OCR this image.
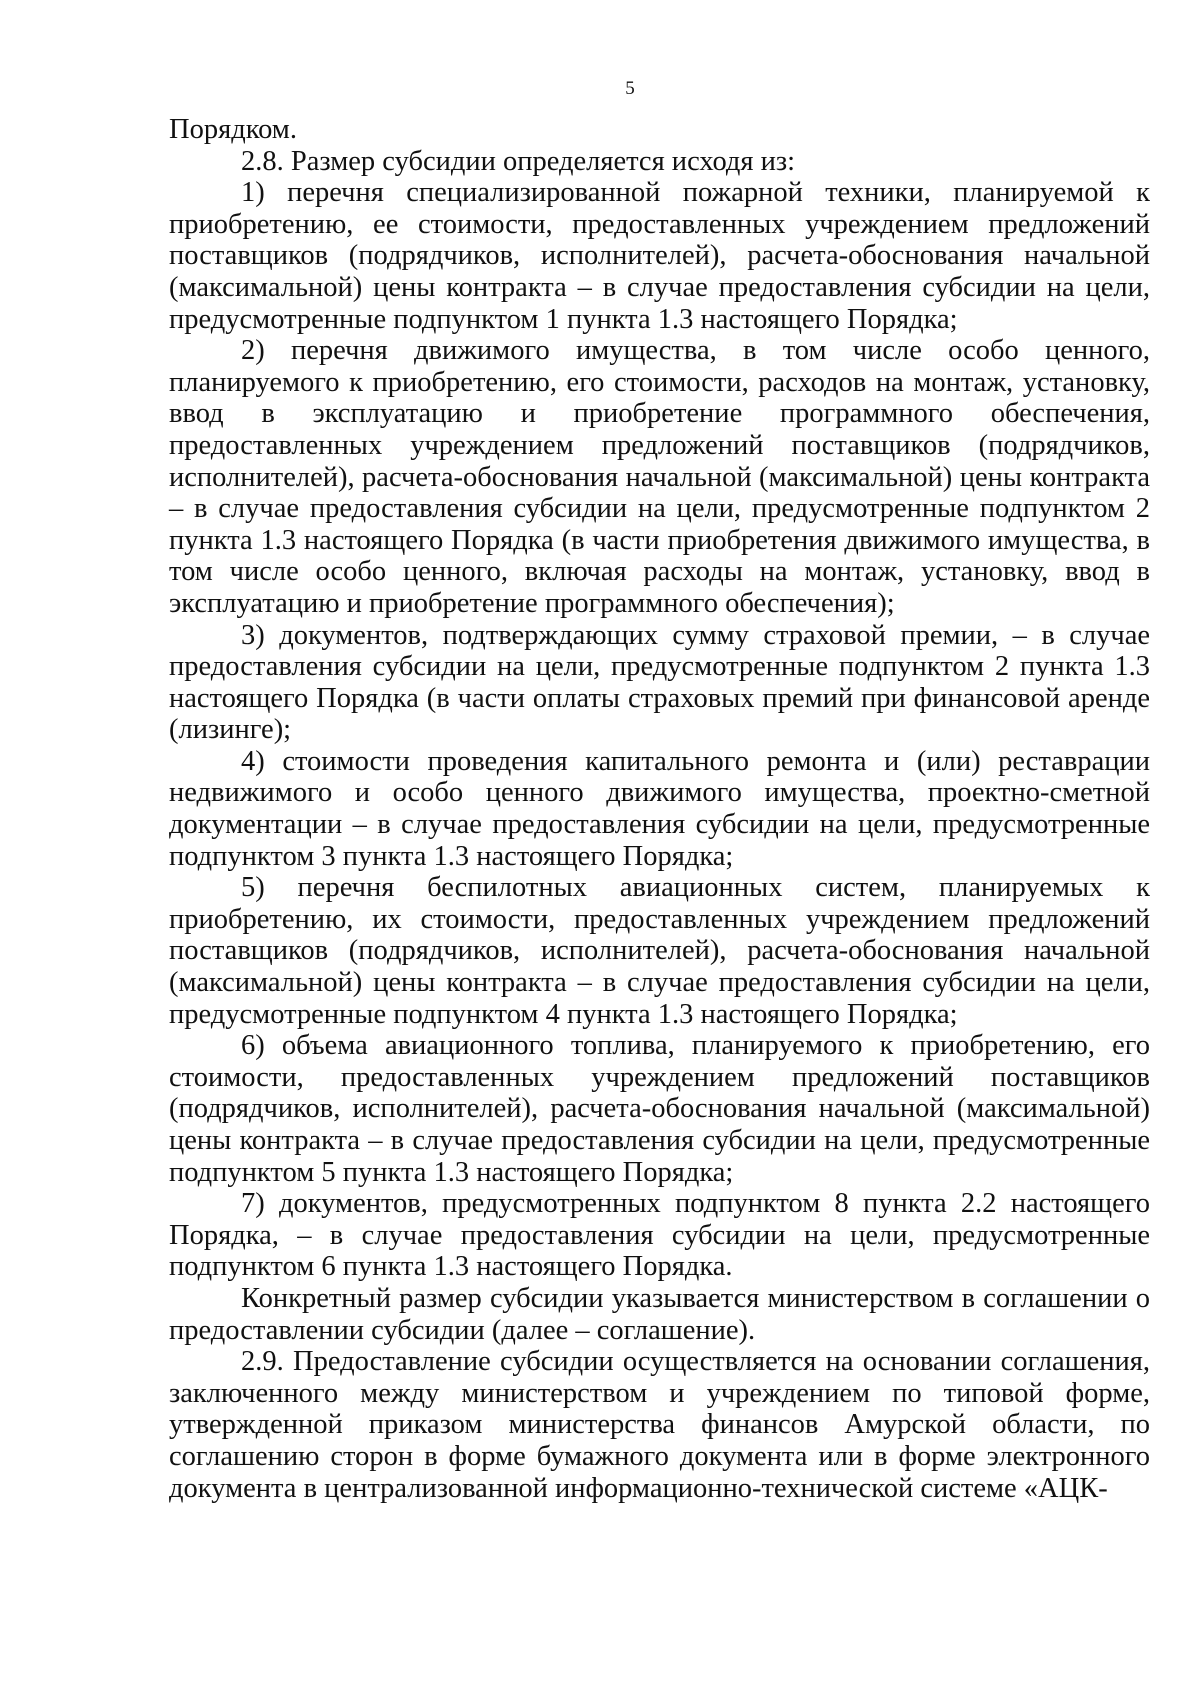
5

Порядком.

2.8. Размер субсидии определяется исходя из:

1) перечня специализированной пожарной техники, планируемой к приобретению, ее стоимости, предоставленных учреждением предложений поставщиков (подрядчиков, исполнителей), расчета-обоснования начальной (максимальной) цены контракта – в случае предоставления субсидии на цели, предусмотренные подпунктом 1 пункта 1.3 настоящего Порядка;

2) перечня движимого имущества, в том числе особо ценного, планируемого к приобретению, его стоимости, расходов на монтаж, установку, ввод в эксплуатацию и приобретение программного обеспечения, предоставленных учреждением предложений поставщиков (подрядчиков, исполнителей), расчета-обоснования начальной (максимальной) цены контракта – в случае предоставления субсидии на цели, предусмотренные подпунктом 2 пункта 1.3 настоящего Порядка (в части приобретения движимого имущества, в том числе особо ценного, включая расходы на монтаж, установку, ввод в эксплуатацию и приобретение программного обеспечения);

3) документов, подтверждающих сумму страховой премии, – в случае предоставления субсидии на цели, предусмотренные подпунктом 2 пункта 1.3 настоящего Порядка (в части оплаты страховых премий при финансовой аренде (лизинге);

4) стоимости проведения капитального ремонта и (или) реставрации недвижимого и особо ценного движимого имущества, проектно-сметной документации – в случае предоставления субсидии на цели, предусмотренные подпунктом 3 пункта 1.3 настоящего Порядка;

5) перечня беспилотных авиационных систем, планируемых к приобретению, их стоимости, предоставленных учреждением предложений поставщиков (подрядчиков, исполнителей), расчета-обоснования начальной (максимальной) цены контракта – в случае предоставления субсидии на цели, предусмотренные подпунктом 4 пункта 1.3 настоящего Порядка;

6) объема авиационного топлива, планируемого к приобретению, его стоимости, предоставленных учреждением предложений поставщиков (подрядчиков, исполнителей), расчета-обоснования начальной (максимальной) цены контракта – в случае предоставления субсидии на цели, предусмотренные подпунктом 5 пункта 1.3 настоящего Порядка;

7) документов, предусмотренных подпунктом 8 пункта 2.2 настоящего Порядка, – в случае предоставления субсидии на цели, предусмотренные подпунктом 6 пункта 1.3 настоящего Порядка.

Конкретный размер субсидии указывается министерством в соглашении о предоставлении субсидии (далее – соглашение).

2.9. Предоставление субсидии осуществляется на основании соглашения, заключенного между министерством и учреждением по типовой форме, утвержденной приказом министерства финансов Амурской области, по соглашению сторон в форме бумажного документа или в форме электронного документа в централизованной информационно-технической системе «АЦК-
